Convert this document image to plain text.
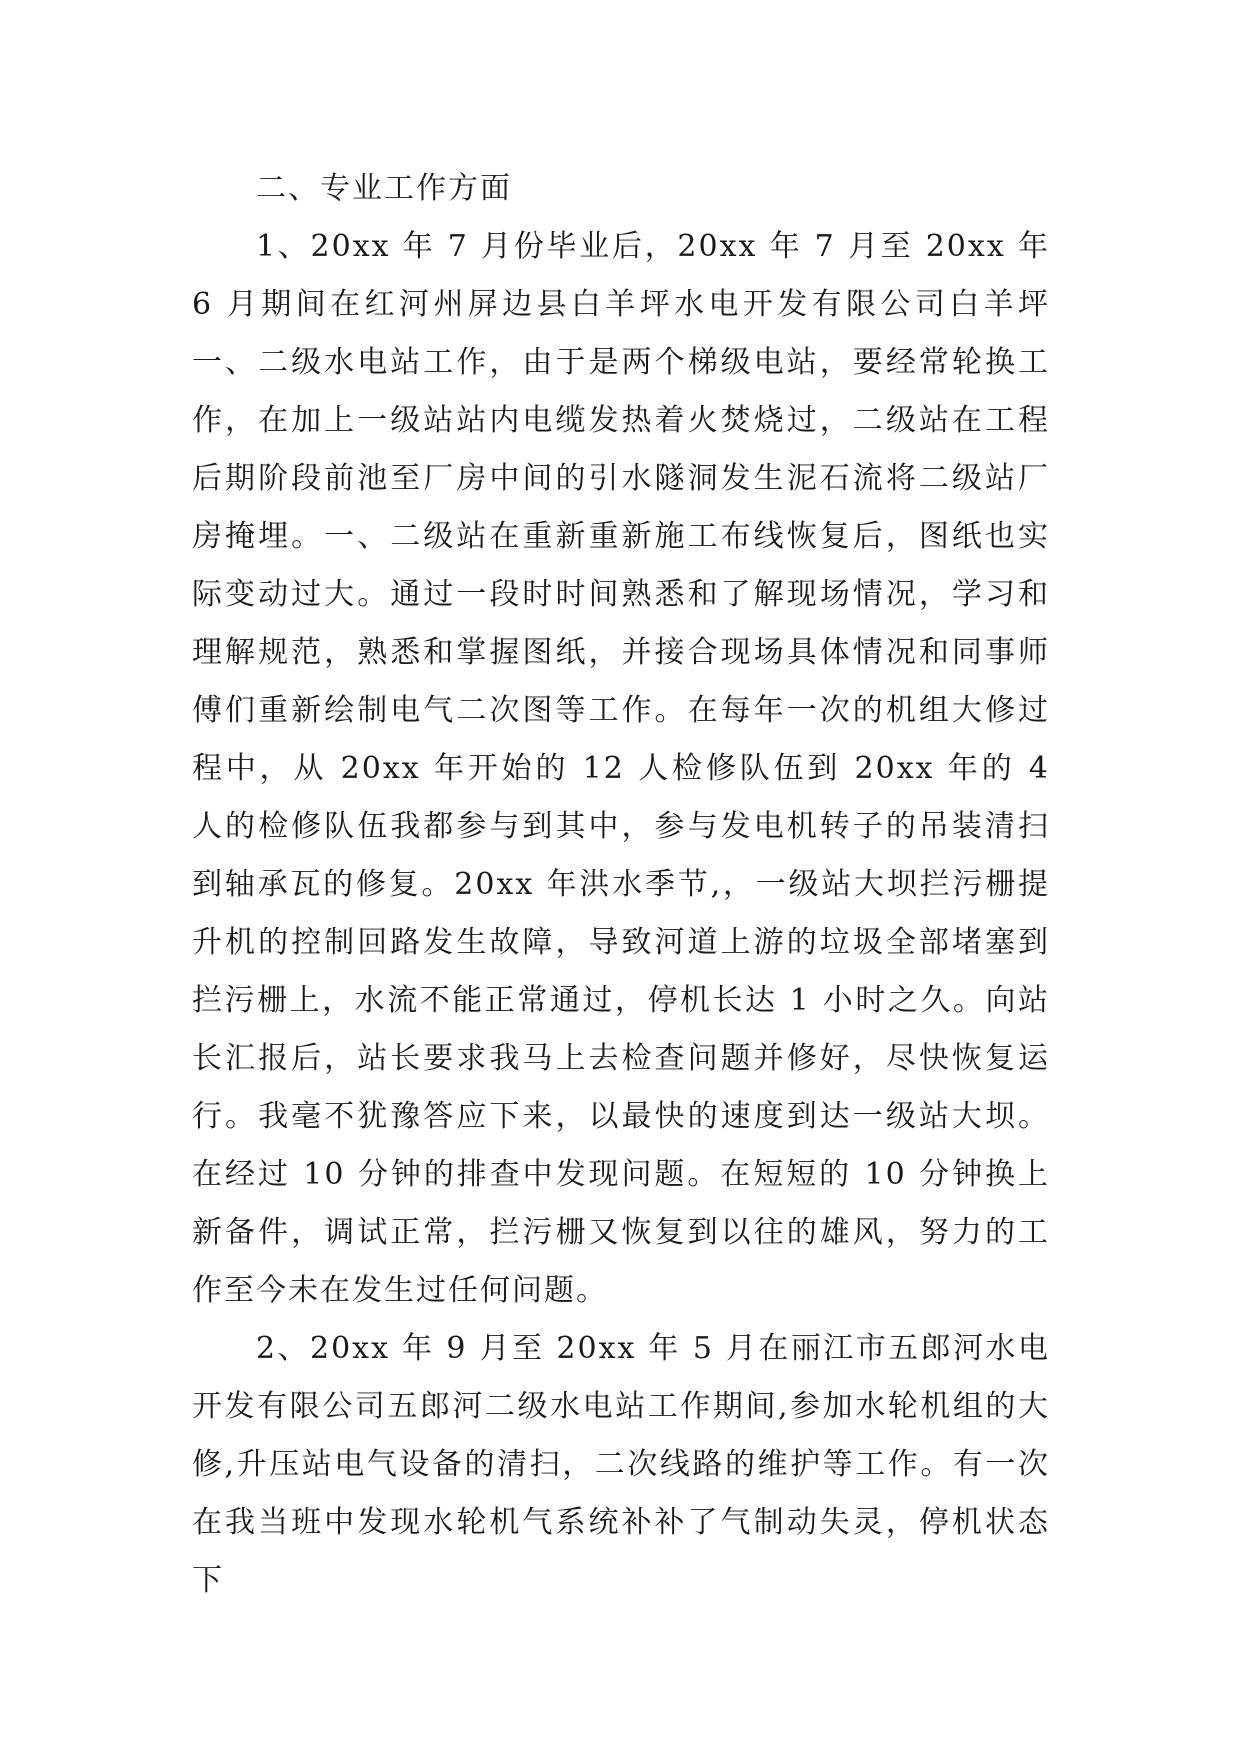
二、专业工作方面

1、20xx 年 7 月份毕业后，20xx 年 7 月至 20xx 年 6 月期间在红河州屏边县白羊坪水电开发有限公司白羊坪一、二级水电站工作，由于是两个梯级电站，要经常轮换工作，在加上一级站站内电缆发热着火焚烧过，二级站在工程后期阶段前池至厂房中间的引水隧洞发生泥石流将二级站厂房掩埋。一、二级站在重新重新施工布线恢复后，图纸也实际变动过大。通过一段时时间熟悉和了解现场情况，学习和理解规范，熟悉和掌握图纸，并接合现场具体情况和同事师傅们重新绘制电气二次图等工作。在每年一次的机组大修过程中，从 20xx 年开始的 12 人检修队伍到 20xx 年的 4 人的检修队伍我都参与到其中，参与发电机转子的吊装清扫到轴承瓦的修复。20xx 年洪水季节,，一级站大坝拦污栅提升机的控制回路发生故障，导致河道上游的垃圾全部堵塞到拦污栅上，水流不能正常通过，停机长达 1 小时之久。向站长汇报后，站长要求我马上去检查问题并修好，尽快恢复运行。我毫不犹豫答应下来，以最快的速度到达一级站大坝。在经过 10 分钟的排查中发现问题。在短短的 10 分钟换上新备件，调试正常，拦污栅又恢复到以往的雄风，努力的工作至今未在发生过任何问题。

2、20xx 年 9 月至 20xx 年 5 月在丽江市五郎河水电开发有限公司五郎河二级水电站工作期间,参加水轮机组的大修,升压站电气设备的清扫，二次线路的维护等工作。有一次在我当班中发现水轮机气系统补补了气制动失灵，停机状态下
